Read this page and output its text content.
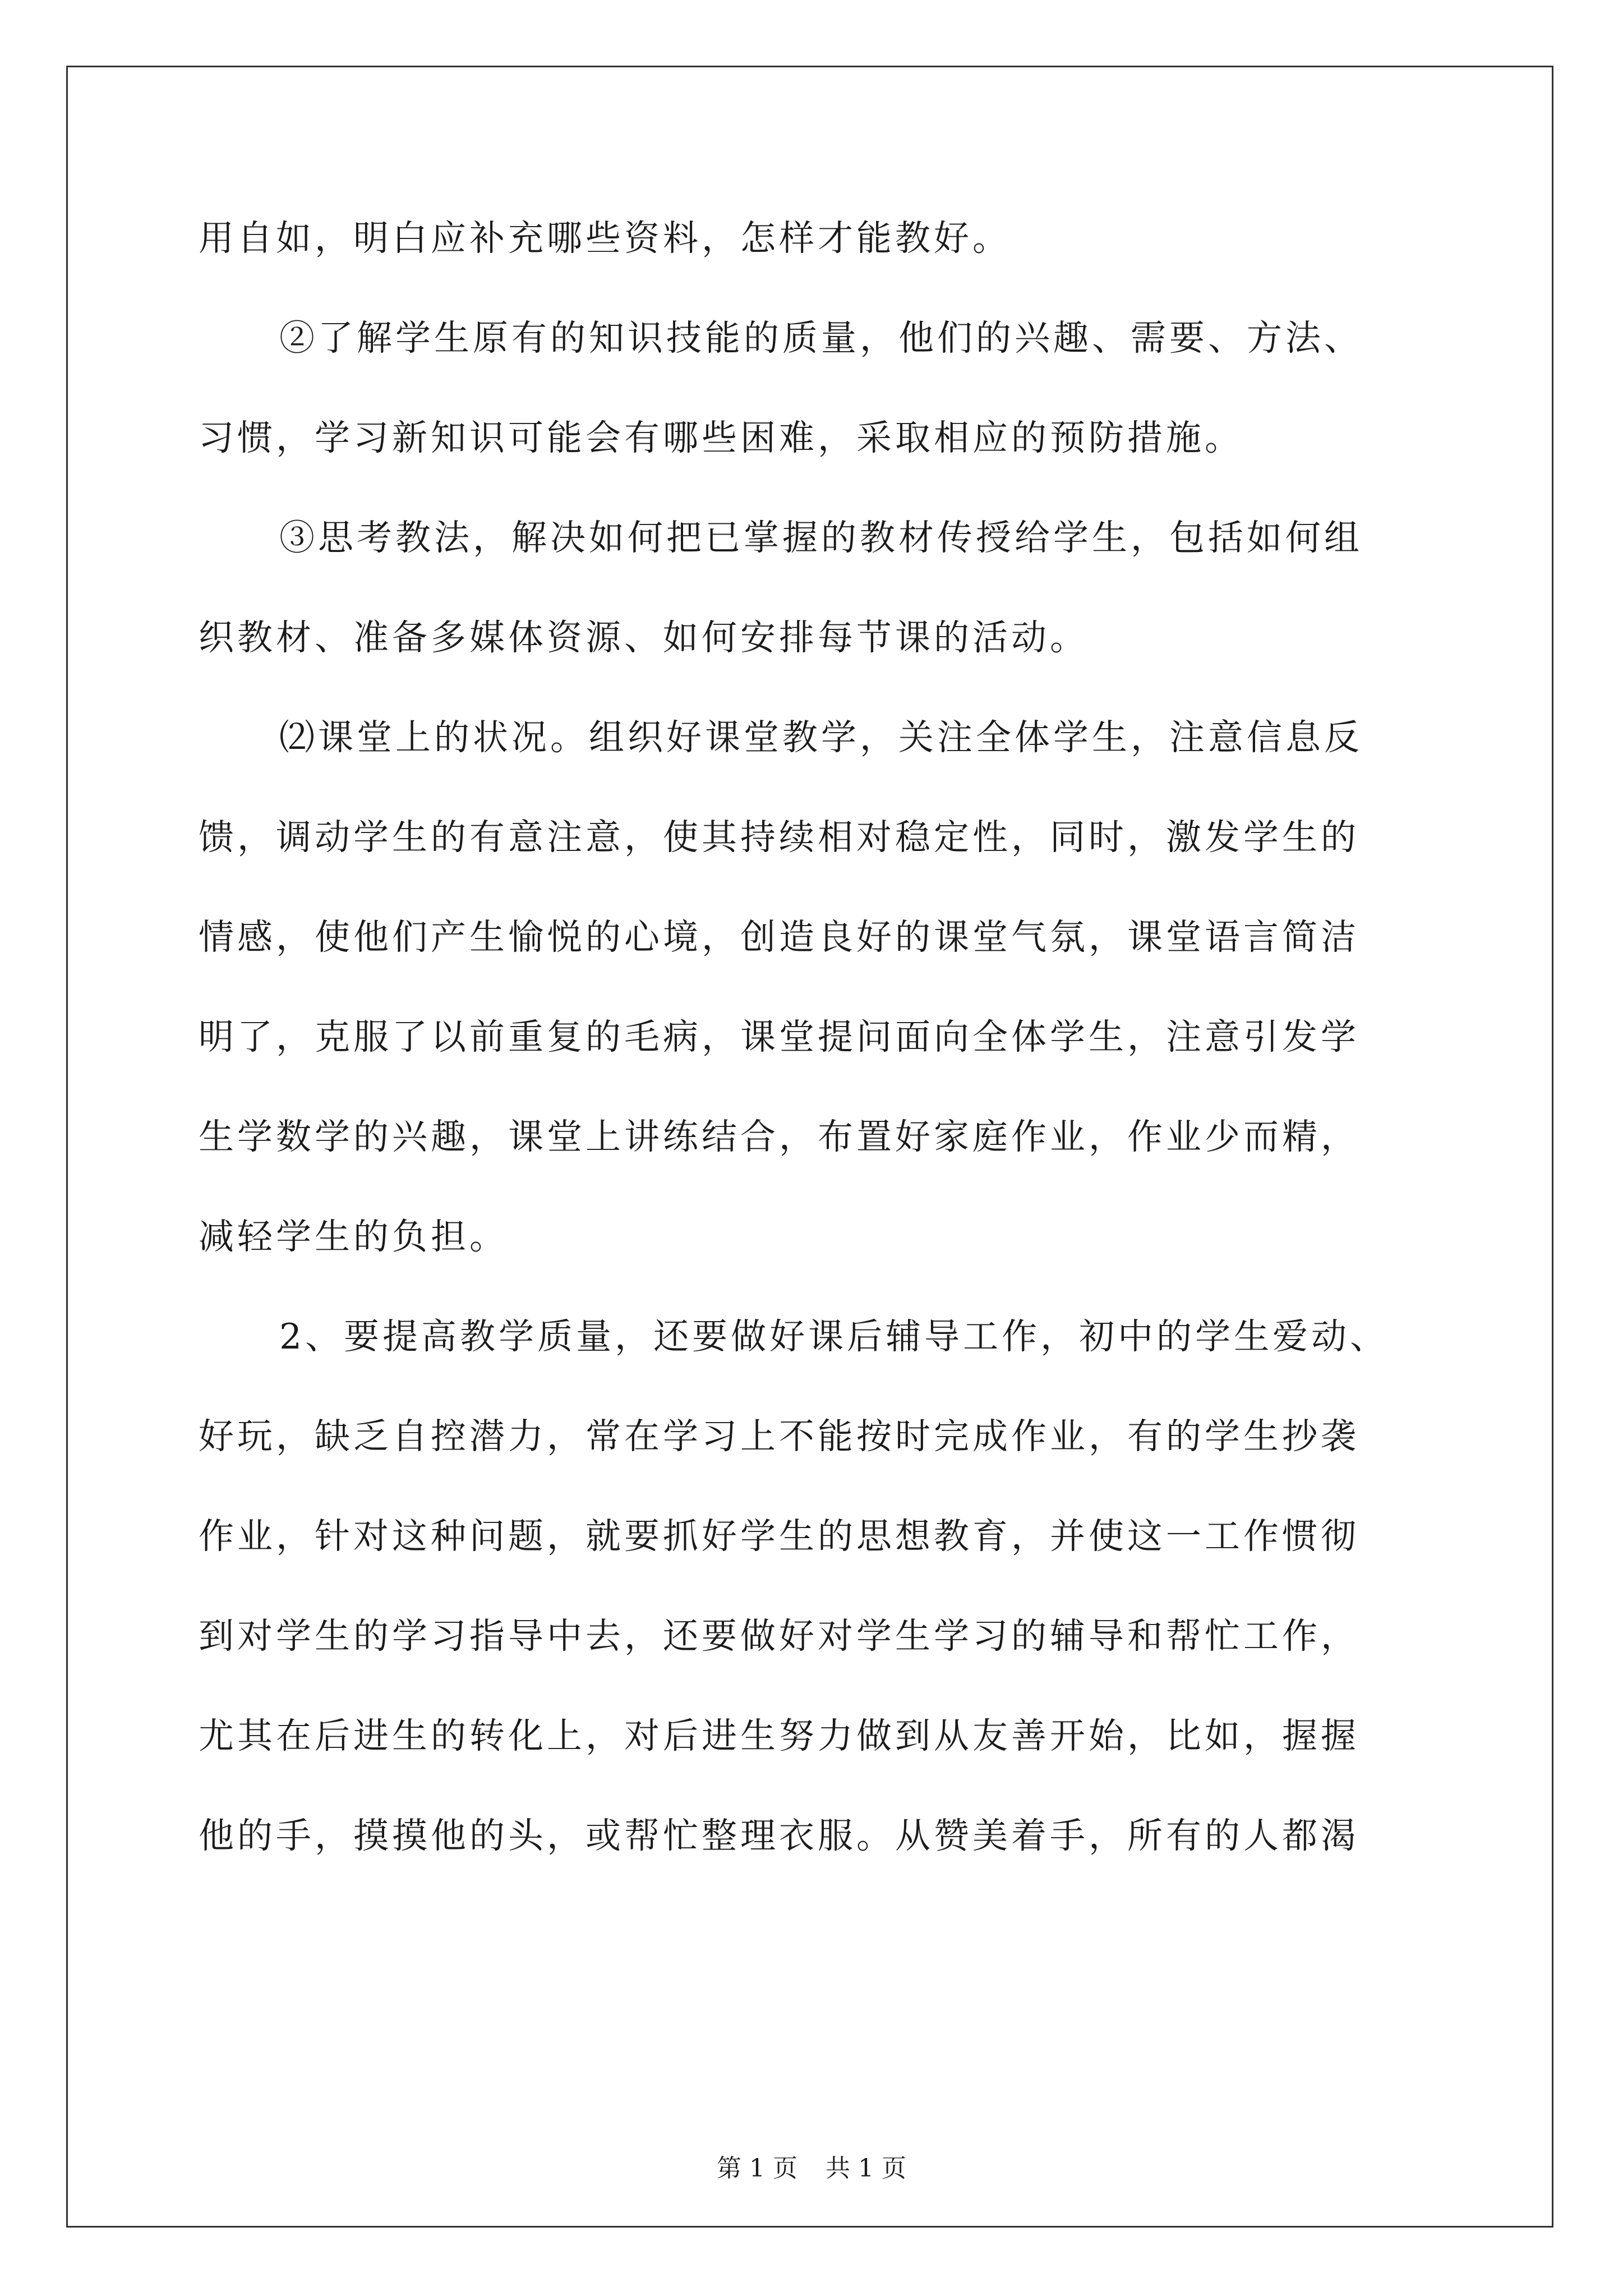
用自如，明白应补充哪些资料，怎样才能教好。
②了解学生原有的知识技能的质量，他们的兴趣、需要、方法、
习惯，学习新知识可能会有哪些困难，采取相应的预防措施。
③思考教法，解决如何把已掌握的教材传授给学生，包括如何组
织教材、准备多媒体资源、如何安排每节课的活动。
⑵课堂上的状况。组织好课堂教学，关注全体学生，注意信息反
馈，调动学生的有意注意，使其持续相对稳定性，同时，激发学生的
情感，使他们产生愉悦的心境，创造良好的课堂气氛，课堂语言简洁
明了，克服了以前重复的毛病，课堂提问面向全体学生，注意引发学
生学数学的兴趣，课堂上讲练结合，布置好家庭作业，作业少而精，
减轻学生的负担。
2、要提高教学质量，还要做好课后辅导工作，初中的学生爱动、
好玩，缺乏自控潜力，常在学习上不能按时完成作业，有的学生抄袭
作业，针对这种问题，就要抓好学生的思想教育，并使这一工作惯彻
到对学生的学习指导中去，还要做好对学生学习的辅导和帮忙工作，
尤其在后进生的转化上，对后进生努力做到从友善开始，比如，握握
他的手，摸摸他的头，或帮忙整理衣服。从赞美着手，所有的人都渴
第 1 页 共 1 页
